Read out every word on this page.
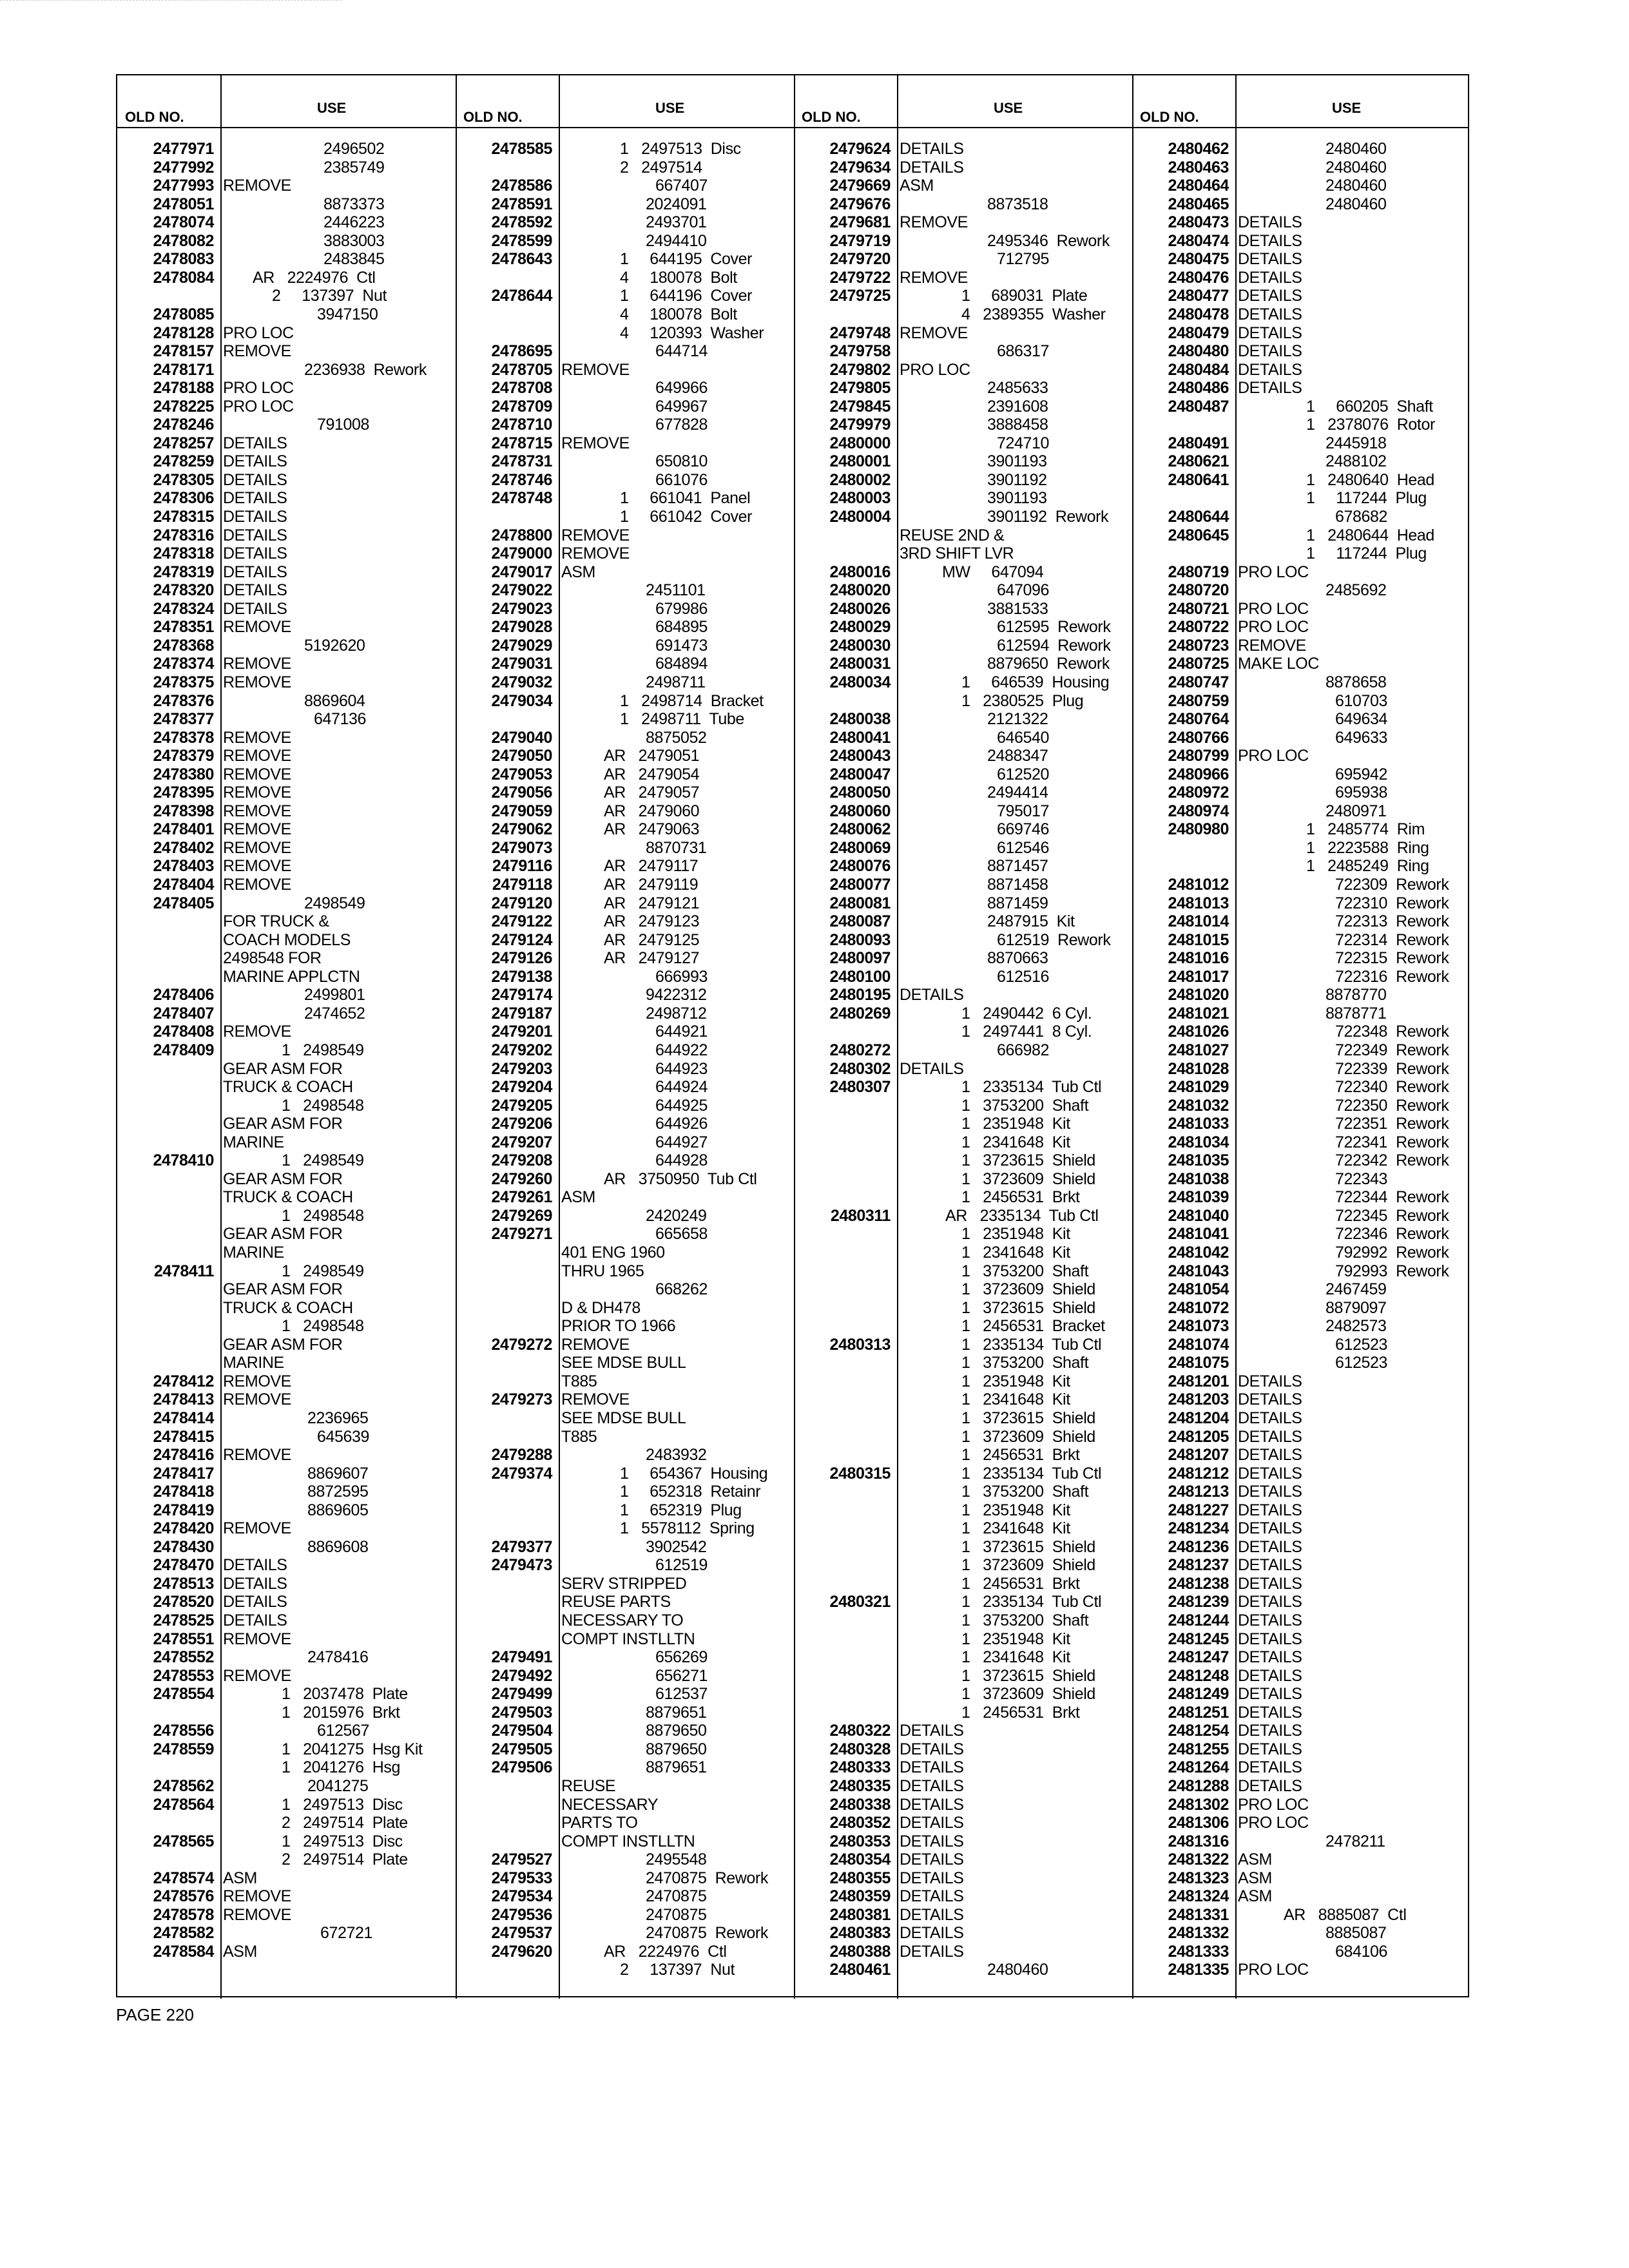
OLD NO.
USE
OLD NO.
USE
OLD NO.
USE
OLD NO.
USE
2477971	2496502
2477992	2385749
2477993 REMOVE
2478051	8873373
2478074	2446223
2478082	3883003
2478083	2483845
2478084 AR   2224976  Ctl
2     137397  Nut
2478085	3947150
2478128 PRO LOC
2478157 REMOVE
2478171	2236938  Rework
2478188 PRO LOC
2478225 PRO LOC
2478246	791008
2478257 DETAILS
2478259 DETAILS
2478305 DETAILS
2478306 DETAILS
2478315 DETAILS
2478316 DETAILS
2478318 DETAILS
2478319 DETAILS
2478320 DETAILS
2478324 DETAILS
2478351 REMOVE
2478368	5192620
2478374 REMOVE
2478375 REMOVE
2478376	8869604
2478377	647136
2478378 REMOVE
2478379 REMOVE
2478380 REMOVE
2478395 REMOVE
2478398 REMOVE
2478401 REMOVE
2478402 REMOVE
2478403 REMOVE
2478404 REMOVE
2478405	2498549
FOR TRUCK &
COACH MODELS
2498548 FOR
MARINE APPLCTN
2478406	2499801
2478407	2474652
2478408 REMOVE
2478409	1   2498549
GEAR ASM FOR
TRUCK & COACH
1   2498548
GEAR ASM FOR
MARINE
2478410	1   2498549
GEAR ASM FOR
TRUCK & COACH
1   2498548
GEAR ASM FOR
MARINE
2478411	1   2498549
GEAR ASM FOR
TRUCK & COACH
1   2498548
GEAR ASM FOR
MARINE
2478412 REMOVE
2478413 REMOVE
2478414	2236965
2478415	645639
2478416 REMOVE
2478417	8869607
2478418	8872595
2478419	8869605
2478420 REMOVE
2478430	8869608
2478470 DETAILS
2478513 DETAILS
2478520 DETAILS
2478525 DETAILS
2478551 REMOVE
2478552	2478416
2478553 REMOVE
2478554	1   2037478  Plate
1   2015976  Brkt
2478556	612567
2478559	1   2041275  Hsg Kit
1   2041276  Hsg
2478562	2041275
2478564	1   2497513  Disc
2   2497514  Plate
2478565	1   2497513  Disc
2   2497514  Plate
2478574 ASM
2478576 REMOVE
2478578 REMOVE
2478582	672721
2478584 ASM
2478585	1   2497513  Disc
2   2497514
2478586	667407
2478591	2024091
2478592	2493701
2478599	2494410
2478643	1     644195  Cover
4     180078  Bolt
2478644	1     644196  Cover
4     180078  Bolt
4     120393  Washer
2478695	644714
2478705 REMOVE
2478708	649966
2478709	649967
2478710	677828
2478715 REMOVE
2478731	650810
2478746	661076
2478748	1     661041  Panel
1     661042  Cover
2478800 REMOVE
2479000 REMOVE
2479017 ASM
2479022	2451101
2479023	679986
2479028	684895
2479029	691473
2479031	684894
2479032	2498711
2479034	1   2498714  Bracket
1   2498711  Tube
2479040	8875052
2479050	AR   2479051
2479053	AR   2479054
2479056	AR   2479057
2479059	AR   2479060
2479062	AR   2479063
2479073	8870731
2479116	AR   2479117
2479118	AR   2479119
2479120	AR   2479121
2479122	AR   2479123
2479124	AR   2479125
2479126	AR   2479127
2479138	666993
2479174	9422312
2479187	2498712
2479201	644921
2479202	644922
2479203	644923
2479204	644924
2479205	644925
2479206	644926
2479207	644927
2479208	644928
2479260	AR   3750950  Tub Ctl
2479261 ASM
2479269	2420249
2479271	665658
401 ENG 1960
THRU 1965
668262
D & DH478
PRIOR TO 1966
2479272 REMOVE
SEE MDSE BULL
T885
2479273 REMOVE
SEE MDSE BULL
T885
2479288	2483932
2479374	1     654367  Housing
1     652318  Retainr
1     652319  Plug
1   5578112  Spring
2479377	3902542
2479473	612519
SERV STRIPPED
REUSE PARTS
NECESSARY TO
COMPT INSTLLTN
2479491	656269
2479492	656271
2479499	612537
2479503	8879651
2479504	8879650
2479505	8879650
2479506	8879651
REUSE
NECESSARY
PARTS TO
COMPT INSTLLTN
2479527	2495548
2479533	2470875  Rework
2479534	2470875
2479536	2470875
2479537	2470875  Rework
2479620	AR   2224976  Ctl
2     137397  Nut
2479624 DETAILS
2479634 DETAILS
2479669 ASM
2479676	8873518
2479681 REMOVE
2479719	2495346  Rework
2479720	712795
2479722 REMOVE
2479725	1     689031  Plate
4   2389355  Washer
2479748 REMOVE
2479758	686317
2479802 PRO LOC
2479805	2485633
2479845	2391608
2479979	3888458
2480000	724710
2480001	3901193
2480002	3901192
2480003	3901193
2480004	3901192  Rework
REUSE 2ND &
3RD SHIFT LVR
2480016	MW     647094
2480020	647096
2480026	3881533
2480029	612595  Rework
2480030	612594  Rework
2480031	8879650  Rework
2480034	1     646539  Housing
1   2380525  Plug
2480038	2121322
2480041	646540
2480043	2488347
2480047	612520
2480050	2494414
2480060	795017
2480062	669746
2480069	612546
2480076	8871457
2480077	8871458
2480081	8871459
2480087	2487915  Kit
2480093	612519  Rework
2480097	8870663
2480100	612516
2480195 DETAILS
2480269	1   2490442  6 Cyl.
1   2497441  8 Cyl.
2480272	666982
2480302 DETAILS
2480307	1   2335134  Tub Ctl
1   3753200  Shaft
1   2351948  Kit
1   2341648  Kit
1   3723615  Shield
1   3723609  Shield
1   2456531  Brkt
2480311	AR   2335134  Tub Ctl
1   2351948  Kit
1   2341648  Kit
1   3753200  Shaft
1   3723609  Shield
1   3723615  Shield
1   2456531  Bracket
2480313	1   2335134  Tub Ctl
1   3753200  Shaft
1   2351948  Kit
1   2341648  Kit
1   3723615  Shield
1   3723609  Shield
1   2456531  Brkt
2480315	1   2335134  Tub Ctl
1   3753200  Shaft
1   2351948  Kit
1   2341648  Kit
1   3723615  Shield
1   3723609  Shield
1   2456531  Brkt
2480321	1   2335134  Tub Ctl
1   3753200  Shaft
1   2351948  Kit
1   2341648  Kit
1   3723615  Shield
1   3723609  Shield
1   2456531  Brkt
2480322 DETAILS
2480328 DETAILS
2480333 DETAILS
2480335 DETAILS
2480338 DETAILS
2480352 DETAILS
2480353 DETAILS
2480354 DETAILS
2480355 DETAILS
2480359 DETAILS
2480381 DETAILS
2480383 DETAILS
2480388 DETAILS
2480461	2480460
2480462	2480460
2480463	2480460
2480464	2480460
2480465	2480460
2480473 DETAILS
2480474 DETAILS
2480475 DETAILS
2480476 DETAILS
2480477 DETAILS
2480478 DETAILS
2480479 DETAILS
2480480 DETAILS
2480484 DETAILS
2480486 DETAILS
2480487	1     660205  Shaft
1   2378076  Rotor
2480491	2445918
2480621	2488102
2480641	1   2480640  Head
1     117244  Plug
2480644	678682
2480645	1   2480644  Head
1     117244  Plug
2480719 PRO LOC
2480720	2485692
2480721 PRO LOC
2480722 PRO LOC
2480723 REMOVE
2480725 MAKE LOC
2480747	8878658
2480759	610703
2480764	649634
2480766	649633
2480799 PRO LOC
2480966	695942
2480972	695938
2480974	2480971
2480980	1   2485774  Rim
1   2223588  Ring
1   2485249  Ring
2481012	722309  Rework
2481013	722310  Rework
2481014	722313  Rework
2481015	722314  Rework
2481016	722315  Rework
2481017	722316  Rework
2481020	8878770
2481021	8878771
2481026	722348  Rework
2481027	722349  Rework
2481028	722339  Rework
2481029	722340  Rework
2481032	722350  Rework
2481033	722351  Rework
2481034	722341  Rework
2481035	722342  Rework
2481038	722343
2481039	722344  Rework
2481040	722345  Rework
2481041	722346  Rework
2481042	792992  Rework
2481043	792993  Rework
2481054	2467459
2481072	8879097
2481073	2482573
2481074	612523
2481075	612523
2481201 DETAILS
2481203 DETAILS
2481204 DETAILS
2481205 DETAILS
2481207 DETAILS
2481212 DETAILS
2481213 DETAILS
2481227 DETAILS
2481234 DETAILS
2481236 DETAILS
2481237 DETAILS
2481238 DETAILS
2481239 DETAILS
2481244 DETAILS
2481245 DETAILS
2481247 DETAILS
2481248 DETAILS
2481249 DETAILS
2481251 DETAILS
2481254 DETAILS
2481255 DETAILS
2481264 DETAILS
2481288 DETAILS
2481302 PRO LOC
2481306 PRO LOC
2481316	2478211
2481322 ASM
2481323 ASM
2481324 ASM
2481331	AR   8885087  Ctl
2481332	8885087
2481333	684106
2481335 PRO LOC
PAGE 220
